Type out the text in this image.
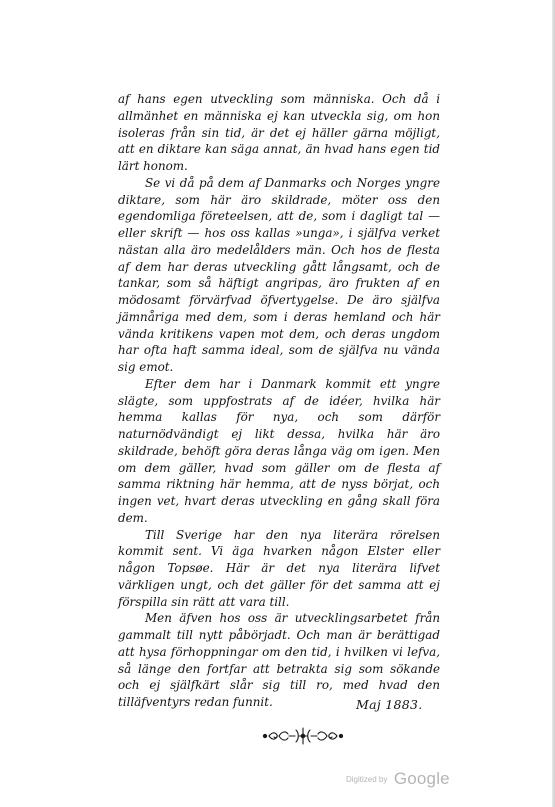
af hans egen utveckling som människa. Och då i allmänhet en människa ej kan utveckla sig, om hon isoleras från sin tid, är det ej häller gärna möjligt, att en diktare kan säga annat, än hvad hans egen tid lärt honom.

Se vi då på dem af Danmarks och Norges yngre diktare, som här äro skildrade, möter oss den egendomliga företeelsen, att de, som i dagligt tal — eller skrift — hos oss kallas »unga», i själfva verket nästan alla äro medelålders män. Och hos de flesta af dem har deras utveckling gått långsamt, och de tankar, som så häftigt angripas, äro frukten af en mödosamt förvärfvad öfvertygelse. De äro själfva jämnåriga med dem, som i deras hemland och här vända kritikens vapen mot dem, och deras ungdom har ofta haft samma ideal, som de själfva nu vända sig emot.

Efter dem har i Danmark kommit ett yngre slägte, som uppfostrats af de idéer, hvilka här hemma kallas för nya, och som därför naturnödvändigt ej likt dessa, hvilka här äro skildrade, behöft göra deras långa väg om igen. Men om dem gäller, hvad som gäller om de flesta af samma riktning här hemma, att de nyss börjat, och ingen vet, hvart deras utveckling en gång skall föra dem.

Till Sverige har den nya literära rörelsen kommit sent. Vi äga hvarken någon Elster eller någon Topsøe. Här är det nya literära lifvet värkligen ungt, och det gäller för det samma att ej förspilla sin rätt att vara till.

Men äfven hos oss är utvecklingsarbetet från gammalt till nytt påbörjadt. Och man är berättigad att hysa förhoppningar om den tid, i hvilken vi lefva, så länge den fortfar att betrakta sig som sökande och ej själfkärt slår sig till ro, med hvad den tilläfventyrs redan funnit.	Maj 1883.
Digitized by Google
